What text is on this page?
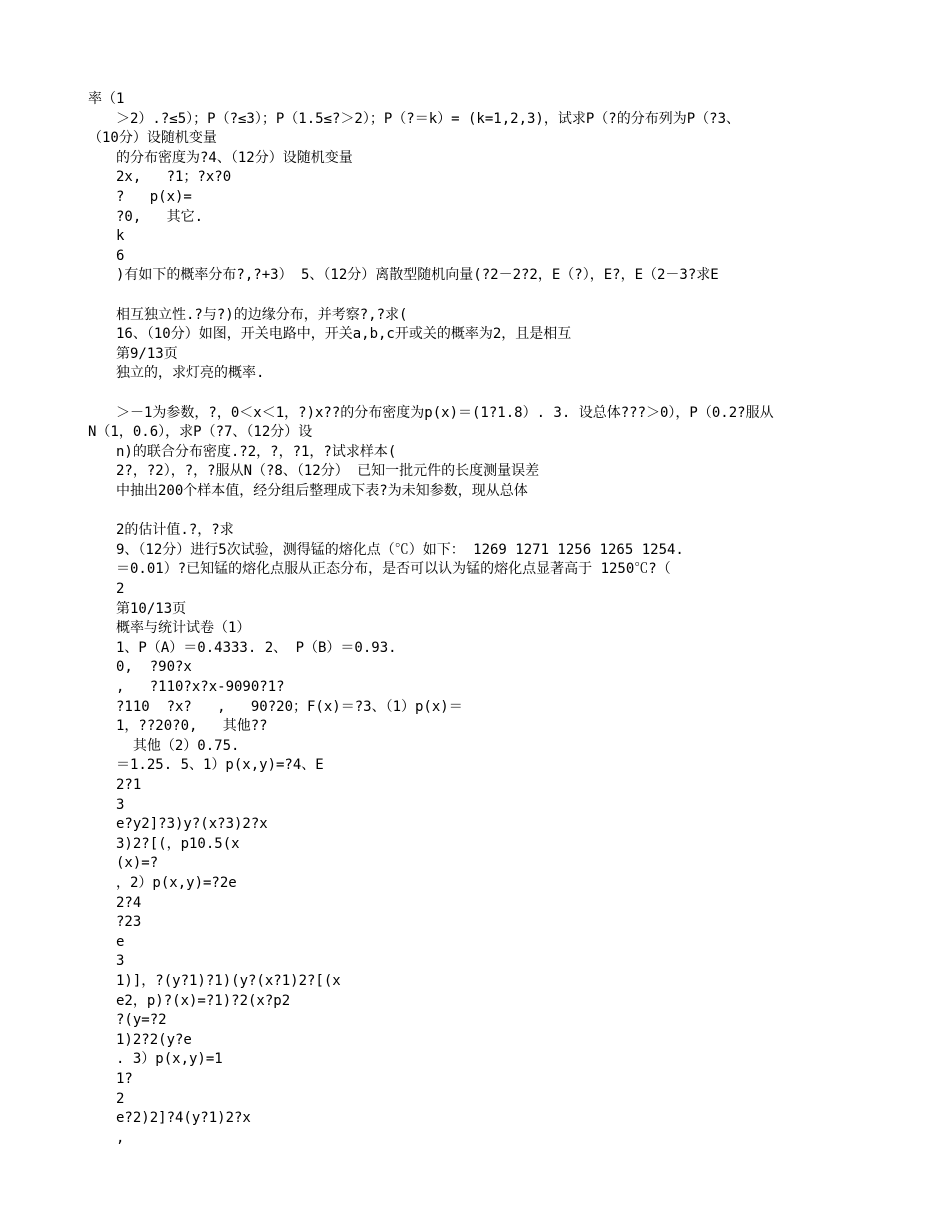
率（1
＞2）.?≤5）；P（?≤3）；P（1.5≤?＞2）；P（?＝k）= (k=1,2,3)，试求P（?的分布列为P（?3、
（10分）设随机变量
的分布密度为?4、（12分）设随机变量
2x,   ?1；?x?0
?   p(x)=
?0,   其它.
k
6
)有如下的概率分布?,?+3） 5、（12分）离散型随机向量(?2－2?2，E（?），E?，E（2－3?求E
相互独立性.?与?)的边缘分布，并考察?,?求(
16、（10分）如图，开关电路中，开关a,b,c开或关的概率为2，且是相互
第9/13页
独立的，求灯亮的概率.
＞－1为参数，?，0＜x＜1，?)x??的分布密度为p(x)＝(1?1.8）. 3. 设总体???＞0），P（0.2?服从
N（1，0.6），求P（?7、（12分）设
n)的联合分布密度.?2，?，?1，?试求样本(
2?，?2），?，?服从N（?8、（12分） 已知一批元件的长度测量误差
中抽出200个样本值，经分组后整理成下表?为未知参数，现从总体
2的估计值.?，?求
9、（12分）进行5次试验，测得锰的熔化点（℃）如下： 1269 1271 1256 1265 1254.
＝0.01）?已知锰的熔化点服从正态分布，是否可以认为锰的熔化点显著高于 1250℃?（
2
第10/13页
概率与统计试卷（1）
1、P（A）＝0.4333. 2、 P（B）＝0.93.
0,  ?90?x
,   ?110?x?x-9090?1?
?110  ?x?   ,   90?20；F(x)＝?3、（1）p(x)＝
1，??20?0,   其他??
其他（2）0.75.
＝1.25. 5、1）p(x,y)=?4、E
2?1
3
e?y2]?3)y?(x?3)2?x
3)2?[(，p10.5(x
(x)=?
，2）p(x,y)=?2e
2?4
?23
e
3
1)]，?(y?1)?1)(y?(x?1)2?[(x
e2，p)?(x)=?1)?2(x?p2
?(y=?2
1)2?2(y?e
. 3）p(x,y)=1
1?
2
e?2)2]?4(y?1)2?x
,
